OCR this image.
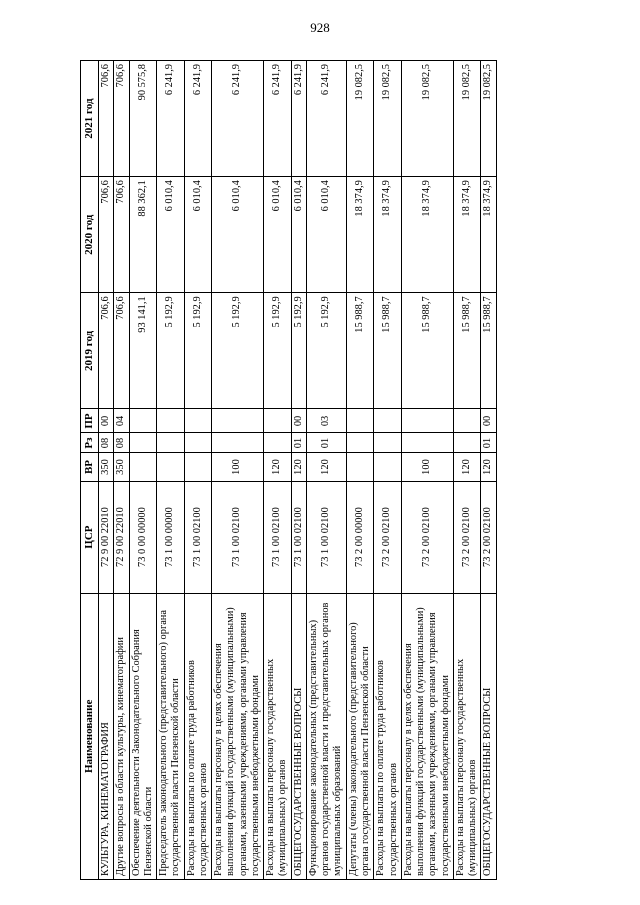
928
Наименование	ЦСР	ВР	Рз	ПР	2019 год	2020 год	2021 год
КУЛЬТУРА, КИНЕМАТОГРАФИЯ	72 9 00 22010	350	08	00	706,6	706,6	706,6
Другие вопросы в области культуры, кинематографии	72 9 00 22010	350	08	04	706,6	706,6	706,6
Обеспечение деятельности Законодательного Собрания Пензенской области	73 0 00 00000				93 141,1	88 362,1	90 575,8
Председатель законодательного (представительного) органа государственной власти Пензенской области	73 1 00 00000				5 192,9	6 010,4	6 241,9
Расходы на выплаты по оплате труда работников государственных органов	73 1 00 02100				5 192,9	6 010,4	6 241,9
Расходы на выплаты персоналу в целях обеспечения выполнения функций государственными (муниципальными) органами, казенными учреждениями, органами управления государственными внебюджетными фондами	73 1 00 02100	100			5 192,9	6 010,4	6 241,9
Расходы на выплаты персоналу государственных (муниципальных) органов	73 1 00 02100	120			5 192,9	6 010,4	6 241,9
ОБЩЕГОСУДАРСТВЕННЫЕ ВОПРОСЫ	73 1 00 02100	120	01	00	5 192,9	6 010,4	6 241,9
Функционирование законодательных (представительных) органов государственной власти и представительных органов муниципальных образований	73 1 00 02100	120	01	03	5 192,9	6 010,4	6 241,9
Депутаты (члены) законодательного (представительного) органа государственной власти Пензенской области	73 2 00 00000				15 988,7	18 374,9	19 082,5
Расходы на выплаты по оплате труда работников государственных органов	73 2 00 02100				15 988,7	18 374,9	19 082,5
Расходы на выплаты персоналу в целях обеспечения выполнения функций государственными (муниципальными) органами, казенными учреждениями, органами управления государственными внебюджетными фондами	73 2 00 02100	100			15 988,7	18 374,9	19 082,5
Расходы на выплаты персоналу государственных (муниципальных) органов	73 2 00 02100	120			15 988,7	18 374,9	19 082,5
ОБЩЕГОСУДАРСТВЕННЫЕ ВОПРОСЫ	73 2 00 02100	120	01	00	15 988,7	18 374,9	19 082,5
